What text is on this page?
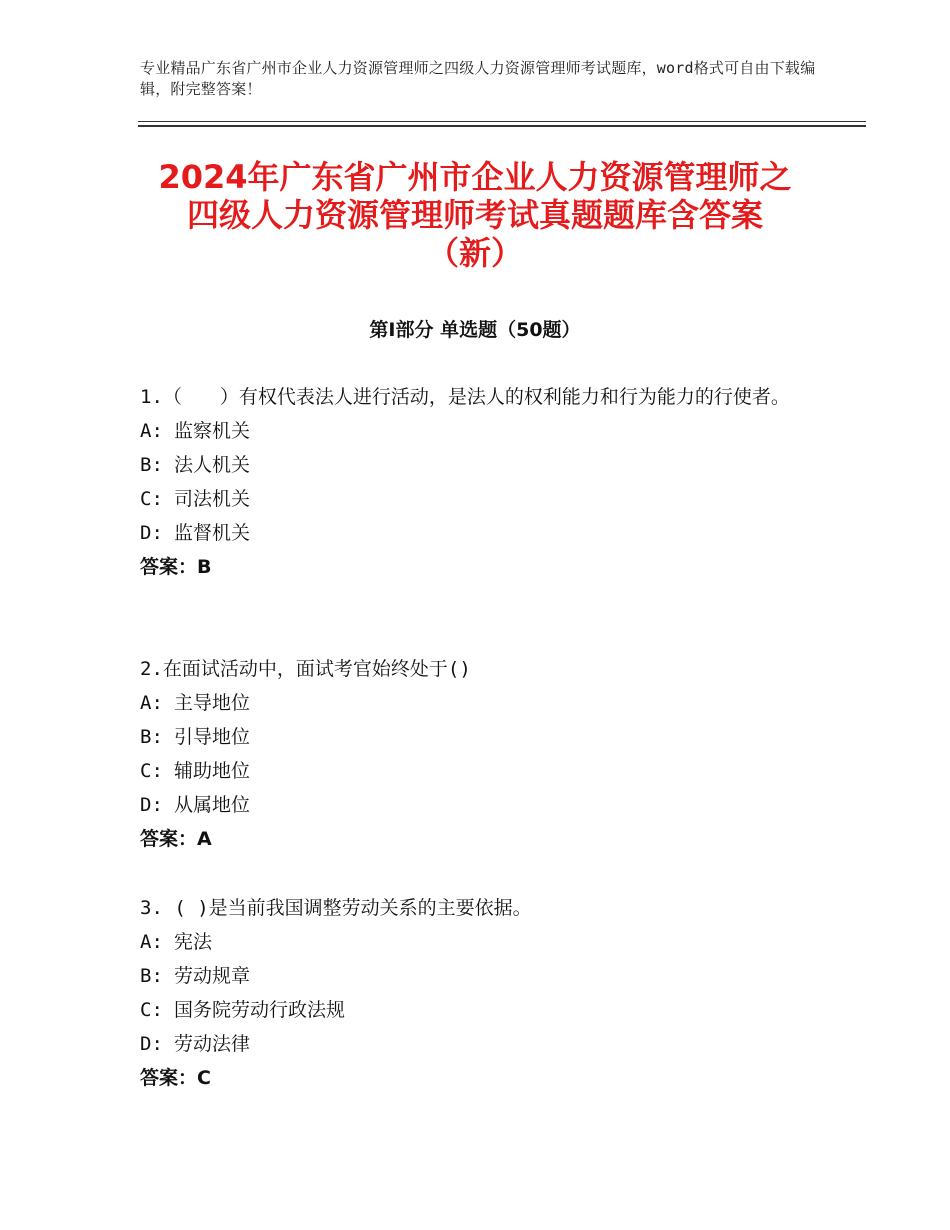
专业精品广东省广州市企业人力资源管理师之四级人力资源管理师考试题库，word格式可自由下载编辑，附完整答案！
2024年广东省广州市企业人力资源管理师之
四级人力资源管理师考试真题题库含答案
（新）
第Ⅰ部分 单选题（50题）
1.（　　）有权代表法人进行活动，是法人的权利能力和行为能力的行使者。
A: 监察机关
B: 法人机关
C: 司法机关
D: 监督机关
答案：B
2.在面试活动中，面试考官始终处于()
A: 主导地位
B: 引导地位
C: 辅助地位
D: 从属地位
答案：A
3. ( )是当前我国调整劳动关系的主要依据。
A: 宪法
B: 劳动规章
C: 国务院劳动行政法规
D: 劳动法律
答案：C
